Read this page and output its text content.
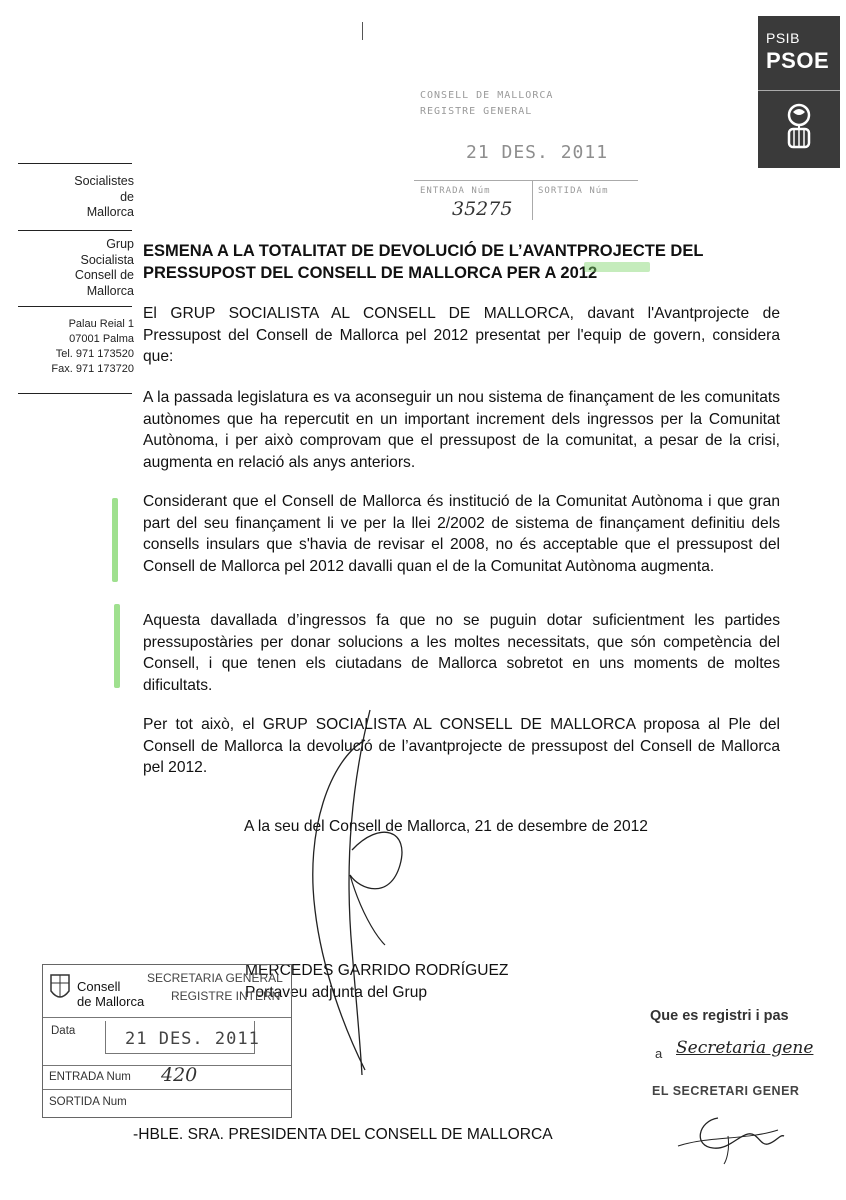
Socialistes
de
Mallorca
Grup
Socialista
Consell de
Mallorca
Palau Reial 1
07001 Palma
Tel. 971 173520
Fax. 971 173720
PSIB
PSOE
CONSELL DE MALLORCA
REGISTRE GENERAL
21 DES. 2011
ENTRADA Núm	SORTIDA Núm
35275
ESMENA A LA TOTALITAT DE DEVOLUCIÓ DE L’AVANTPROJECTE DEL
PRESSUPOST DEL CONSELL DE MALLORCA PER A 2012

El GRUP SOCIALISTA AL CONSELL DE MALLORCA, davant l'Avantprojecte de Pressupost del Consell de Mallorca pel 2012 presentat per l'equip de govern, considera que:

A la passada legislatura es va aconseguir un nou sistema de finançament de les comunitats autònomes que ha repercutit en un important increment dels ingressos per la Comunitat Autònoma, i per això comprovam que el pressupost de la comunitat, a pesar de la crisi, augmenta en relació als anys anteriors.

Considerant que el Consell de Mallorca és institució de la Comunitat Autònoma i que gran part del seu finançament li ve per la llei 2/2002 de sistema de finançament definitiu dels consells insulars que s'havia de revisar el 2008, no és acceptable que el pressupost del Consell de Mallorca pel 2012 davalli quan el de la Comunitat Autònoma augmenta.

Aquesta davallada d’ingressos fa que no se puguin dotar suficientment les partides pressupostàries per donar solucions a les moltes necessitats, que són competència del Consell, i que tenen els ciutadans de Mallorca sobretot en uns moments de moltes dificultats.

Per tot això, el GRUP SOCIALISTA AL CONSELL DE MALLORCA proposa al Ple del Consell de Mallorca la devolució de l’avantprojecte de pressupost del Consell de Mallorca pel 2012.

A la seu del Consell de Mallorca, 21 de desembre de 2012
MERCEDES GARRIDO RODRÍGUEZ
Portaveu adjunta del Grup
Consell
de Mallorca
SECRETARIA GENERAL
REGISTRE INTERN
Data	21 DES. 2011
ENTRADA Num 420
SORTIDA Num
-HBLE. SRA. PRESIDENTA DEL CONSELL DE MALLORCA
Que es registri i pas
a Secretaria gene
EL SECRETARI GENER
